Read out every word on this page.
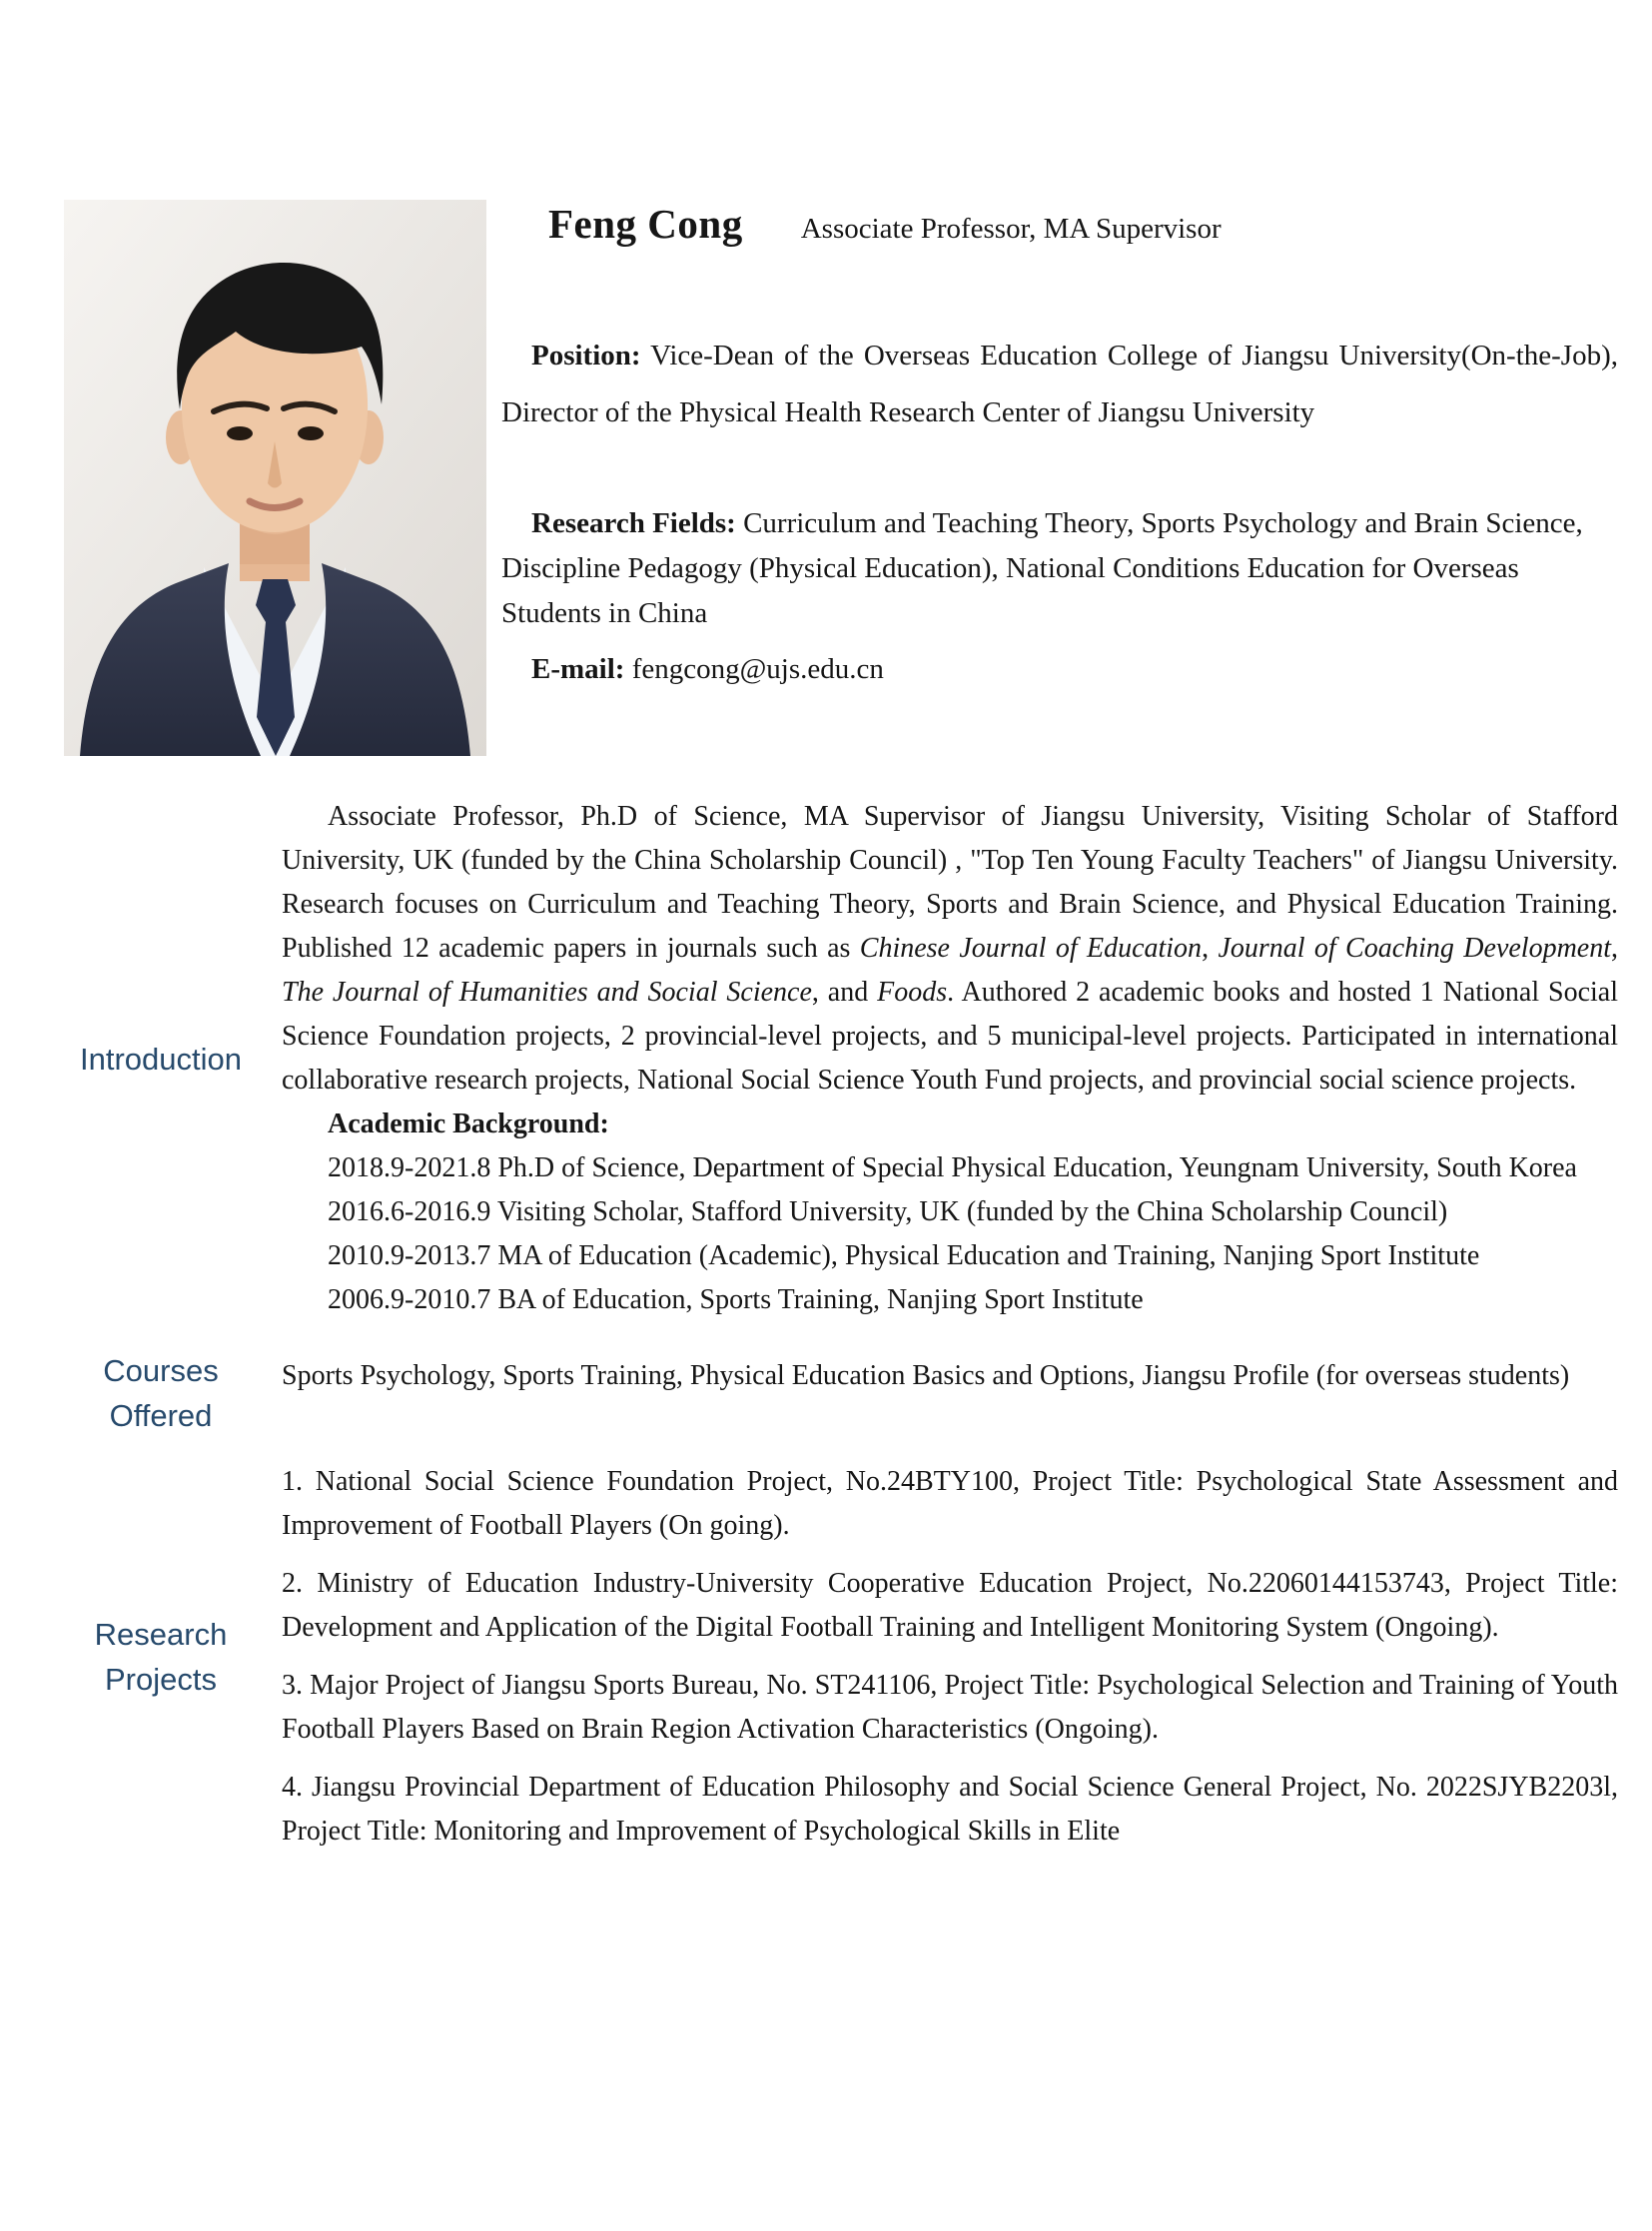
Feng Cong Associate Professor, MA Supervisor

Position: Vice-Dean of the Overseas Education College of Jiangsu University(On-the-Job), Director of the Physical Health Research Center of Jiangsu University

Research Fields: Curriculum and Teaching Theory, Sports Psychology and Brain Science, Discipline Pedagogy (Physical Education), National Conditions Education for Overseas Students in China

E-mail: fengcong@ujs.edu.cn

Introduction

Associate Professor, Ph.D of Science, MA Supervisor of Jiangsu University, Visiting Scholar of Stafford University, UK (funded by the China Scholarship Council) , "Top Ten Young Faculty Teachers" of Jiangsu University. Research focuses on Curriculum and Teaching Theory, Sports and Brain Science, and Physical Education Training. Published 12 academic papers in journals such as Chinese Journal of Education, Journal of Coaching Development, The Journal of Humanities and Social Science, and Foods. Authored 2 academic books and hosted 1 National Social Science Foundation projects, 2 provincial-level projects, and 5 municipal-level projects. Participated in international collaborative research projects, National Social Science Youth Fund projects, and provincial social science projects.

Academic Background:

2018.9-2021.8 Ph.D of Science, Department of Special Physical Education, Yeungnam University, South Korea

2016.6-2016.9 Visiting Scholar, Stafford University, UK (funded by the China Scholarship Council)

2010.9-2013.7 MA of Education (Academic), Physical Education and Training, Nanjing Sport Institute

2006.9-2010.7 BA of Education, Sports Training, Nanjing Sport Institute

Courses
Offered

Sports Psychology, Sports Training, Physical Education Basics and Options, Jiangsu Profile (for overseas students)

Research
Projects

1. National Social Science Foundation Project, No.24BTY100, Project Title: Psychological State Assessment and Improvement of Football Players (On going).

2. Ministry of Education Industry-University Cooperative Education Project, No.22060144153743, Project Title: Development and Application of the Digital Football Training and Intelligent Monitoring System (Ongoing).

3. Major Project of Jiangsu Sports Bureau, No. ST241106, Project Title: Psychological Selection and Training of Youth Football Players Based on Brain Region Activation Characteristics (Ongoing).

4. Jiangsu Provincial Department of Education Philosophy and Social Science General Project, No. 2022SJYB2203l, Project Title: Monitoring and Improvement of Psychological Skills in Elite
